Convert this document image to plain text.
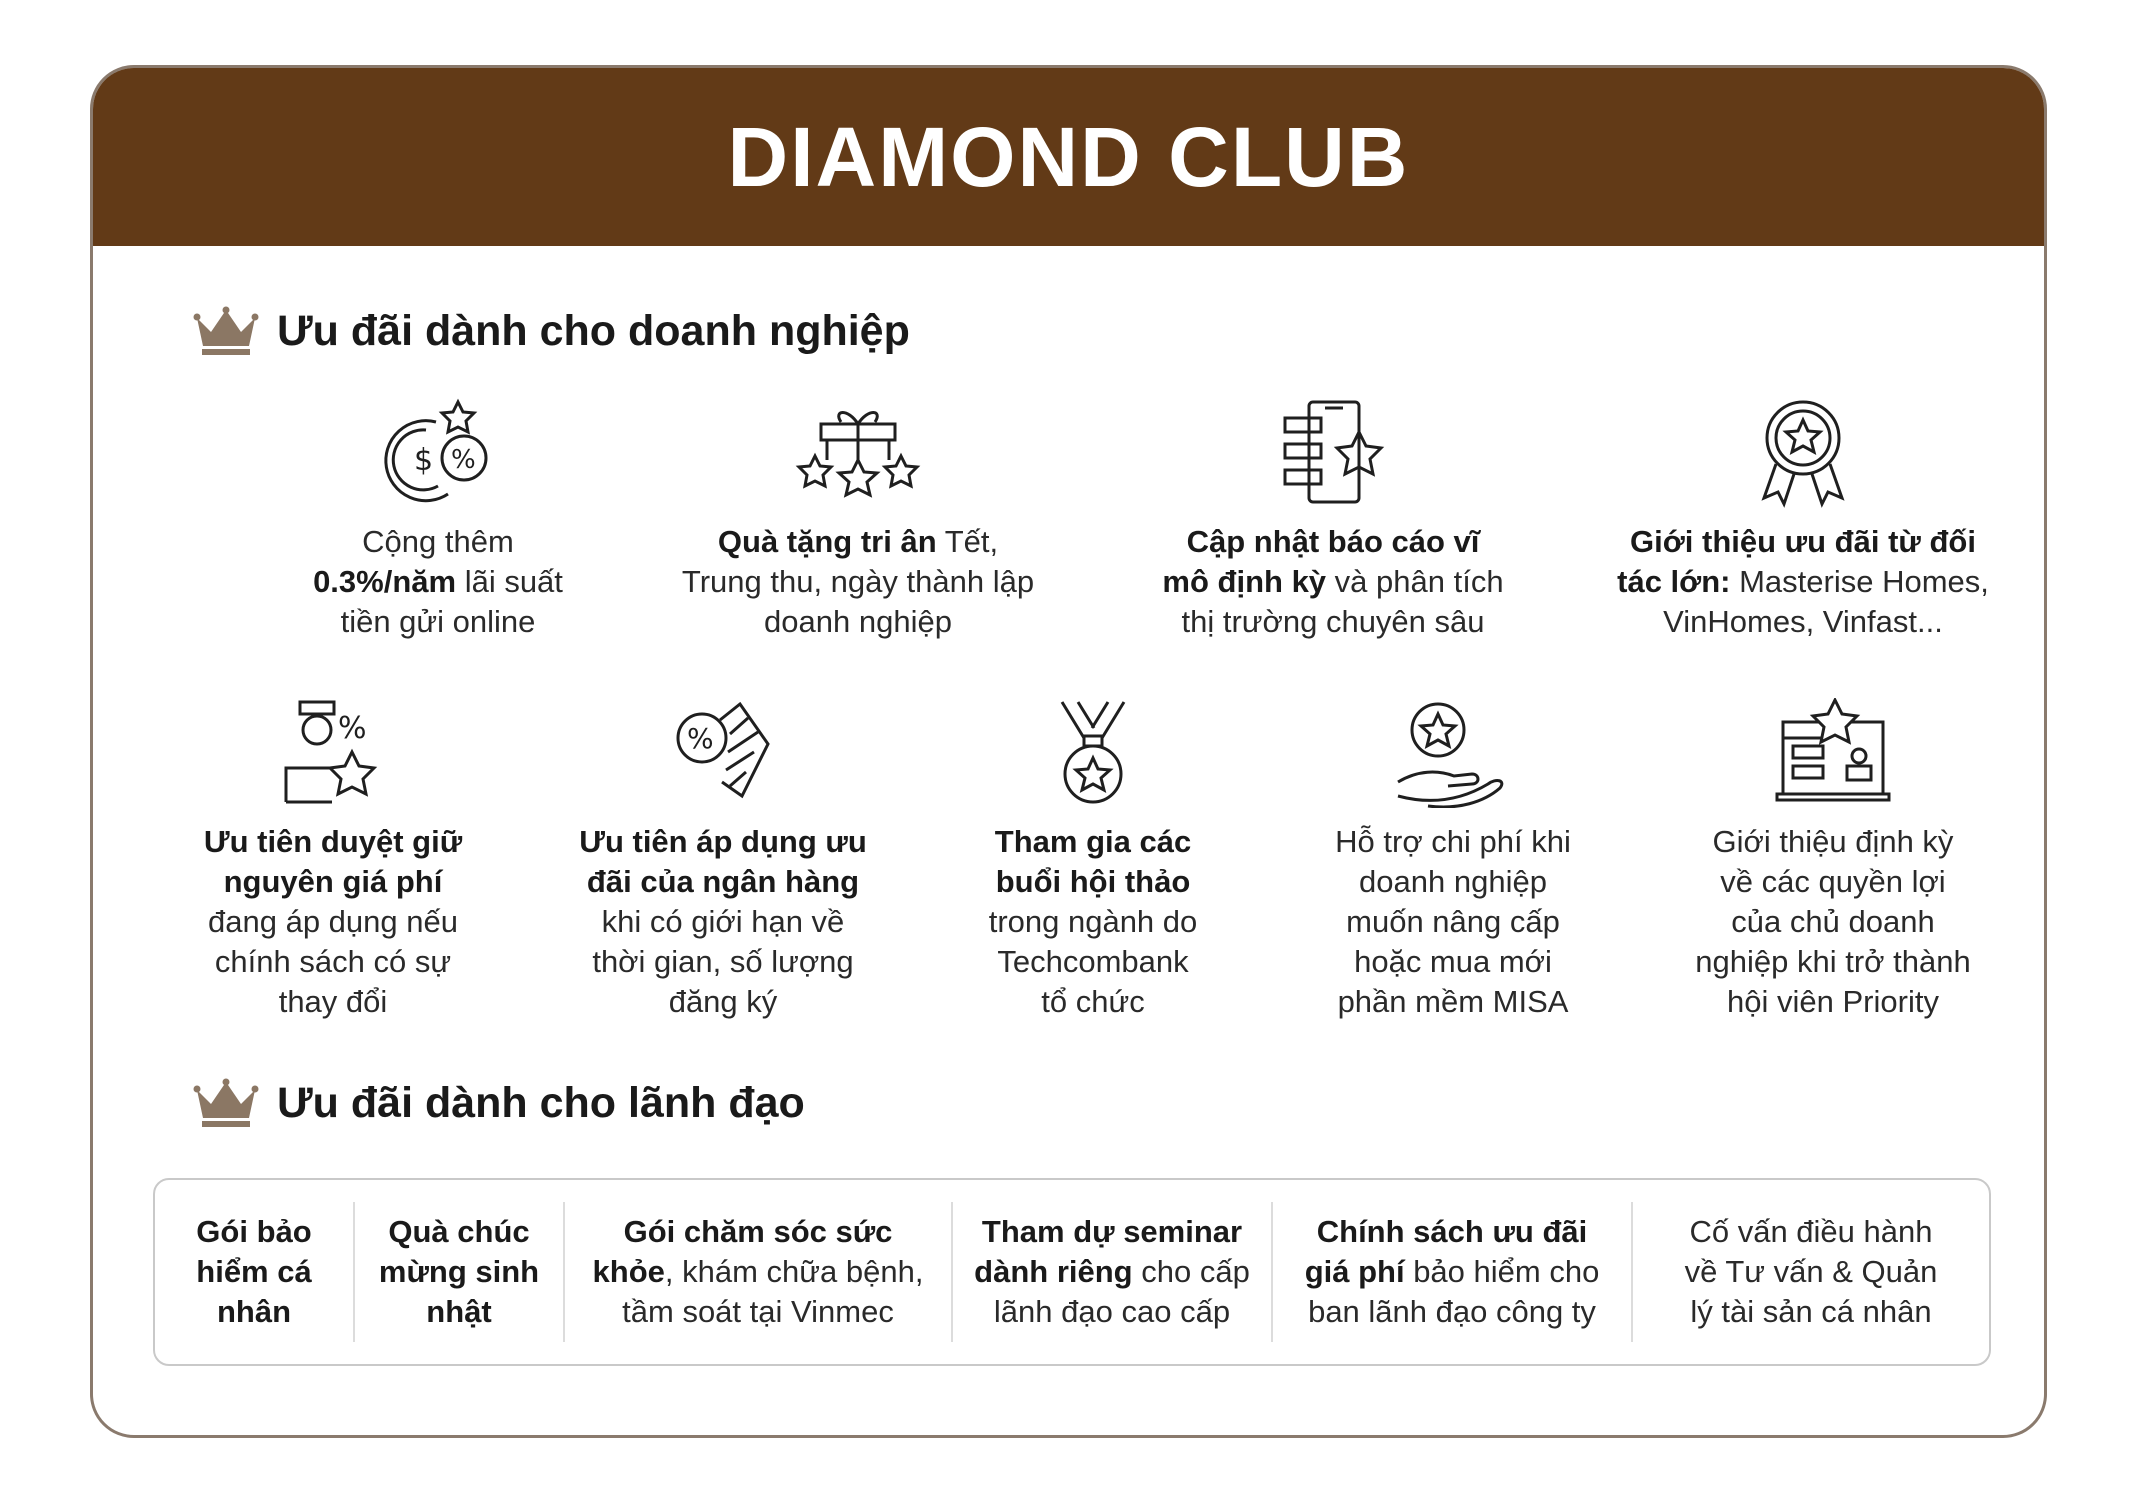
DIAMOND CLUB
Ưu đãi dành cho doanh nghiệp
$ %
Cộng thêm
0.3%/năm lãi suất
tiền gửi online
Quà tặng tri ân Tết,
Trung thu, ngày thành lập
doanh nghiệp
Cập nhật báo cáo vĩ
mô định kỳ và phân tích
thị trường chuyên sâu
Giới thiệu ưu đãi từ đối
tác lớn: Masterise Homes,
VinHomes, Vinfast...
%
Ưu tiên duyệt giữ
nguyên giá phí
đang áp dụng nếu
chính sách có sự
thay đổi
%
Ưu tiên áp dụng ưu
đãi của ngân hàng
khi có giới hạn về
thời gian, số lượng
đăng ký
Tham gia các
buổi hội thảo
trong ngành do
Techcombank
tổ chức
Hỗ trợ chi phí khi
doanh nghiệp
muốn nâng cấp
hoặc mua mới
phần mềm MISA
Giới thiệu định kỳ
về các quyền lợi
của chủ doanh
nghiệp khi trở thành
hội viên Priority
Ưu đãi dành cho lãnh đạo
Gói bảo
hiểm cá
nhân
Quà chúc
mừng sinh
nhật
Gói chăm sóc sức
khỏe, khám chữa bệnh,
tầm soát tại Vinmec
Tham dự seminar
dành riêng cho cấp
lãnh đạo cao cấp
Chính sách ưu đãi
giá phí bảo hiểm cho
ban lãnh đạo công ty
Cố vấn điều hành
về Tư vấn & Quản
lý tài sản cá nhân
